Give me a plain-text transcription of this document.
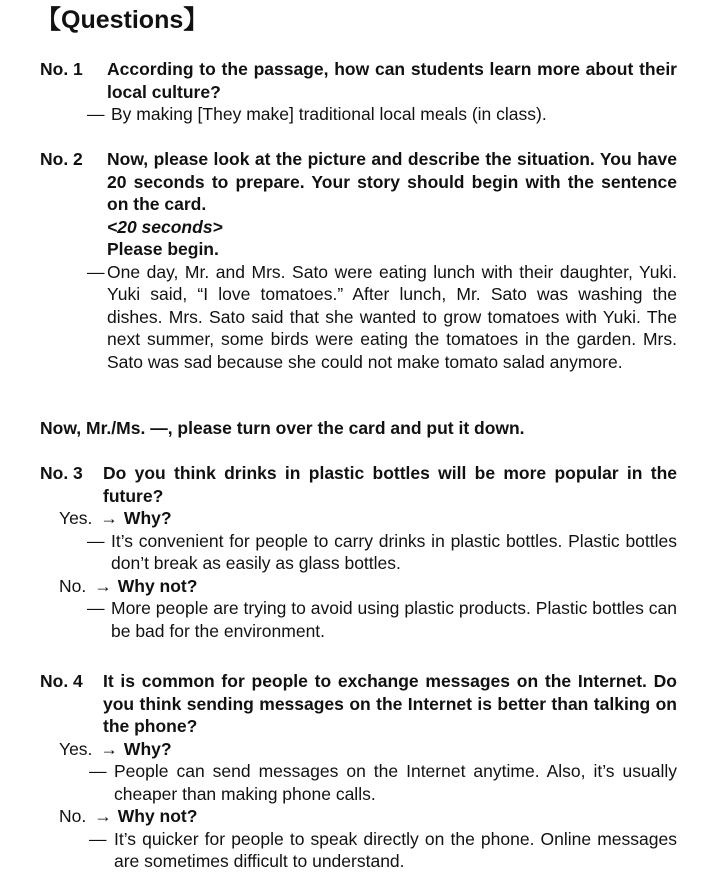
【Questions】
No. 1	According to the passage, how can students learn more about their local culture?
— By making [They make] traditional local meals (in class).
No. 2	Now, please look at the picture and describe the situation. You have 20 seconds to prepare. Your story should begin with the sentence on the card.

<20 seconds>

Please begin.

— One day, Mr. and Mrs. Sato were eating lunch with their daughter, Yuki. Yuki said, “I love tomatoes.” After lunch, Mr. Sato was washing the dishes. Mrs. Sato said that she wanted to grow tomatoes with Yuki. The next summer, some birds were eating the tomatoes in the garden. Mrs. Sato was sad because she could not make tomato salad anymore.
Now, Mr./Ms. —, please turn over the card and put it down.
No. 3	Do you think drinks in plastic bottles will be more popular in the future?
Yes. → Why?
— It’s convenient for people to carry drinks in plastic bottles. Plastic bottles don’t break as easily as glass bottles.
No. → Why not?
— More people are trying to avoid using plastic products. Plastic bottles can be bad for the environment.
No. 4	It is common for people to exchange messages on the Internet. Do you think sending messages on the Internet is better than talking on the phone?
Yes. → Why?
— People can send messages on the Internet anytime. Also, it’s usually cheaper than making phone calls.
No. → Why not?
— It’s quicker for people to speak directly on the phone. Online messages are sometimes difficult to understand.
